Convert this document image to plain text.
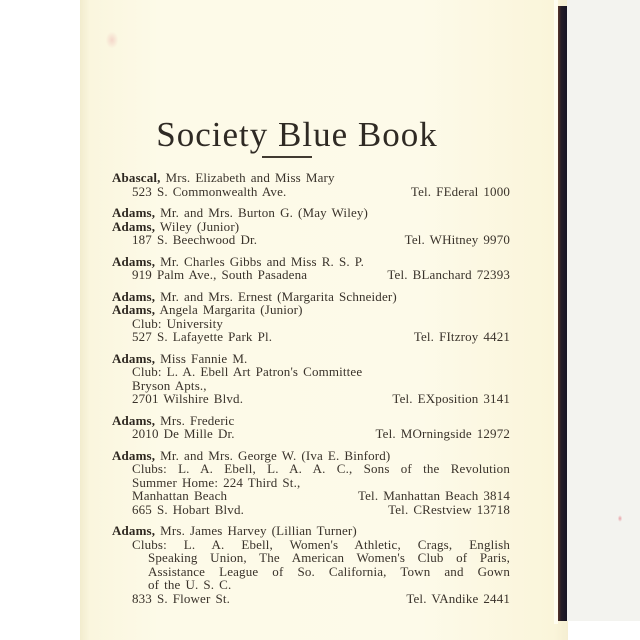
Society Blue Book
Abascal, Mrs. Elizabeth and Miss Mary
523 S. Commonwealth Ave.	Tel. FEderal 1000
Adams, Mr. and Mrs. Burton G. (May Wiley)
Adams, Wiley (Junior)
187 S. Beechwood Dr.	Tel. WHitney 9970
Adams, Mr. Charles Gibbs and Miss R. S. P.
919 Palm Ave., South Pasadena	Tel. BLanchard 72393
Adams, Mr. and Mrs. Ernest (Margarita Schneider)
Adams, Angela Margarita (Junior)
Club: University
527 S. Lafayette Park Pl.	Tel. FItzroy 4421
Adams, Miss Fannie M.
Club: L. A. Ebell Art Patron's Committee
Bryson Apts.,
2701 Wilshire Blvd.	Tel. EXposition 3141
Adams, Mrs. Frederic
2010 De Mille Dr.	Tel. MOrningside 12972
Adams, Mr. and Mrs. George W. (Iva E. Binford)
Clubs: L. A. Ebell, L. A. A. C., Sons of the Revolution
Summer Home: 224 Third St.,
Manhattan Beach	Tel. Manhattan Beach 3814
665 S. Hobart Blvd.	Tel. CRestview 13718
Adams, Mrs. James Harvey (Lillian Turner)
Clubs: L. A. Ebell, Women's Athletic, Crags, English
Speaking Union, The American Women's Club of Paris,
Assistance League of So. California, Town and Gown
of the U. S. C.
833 S. Flower St.	Tel. VAndike 2441
